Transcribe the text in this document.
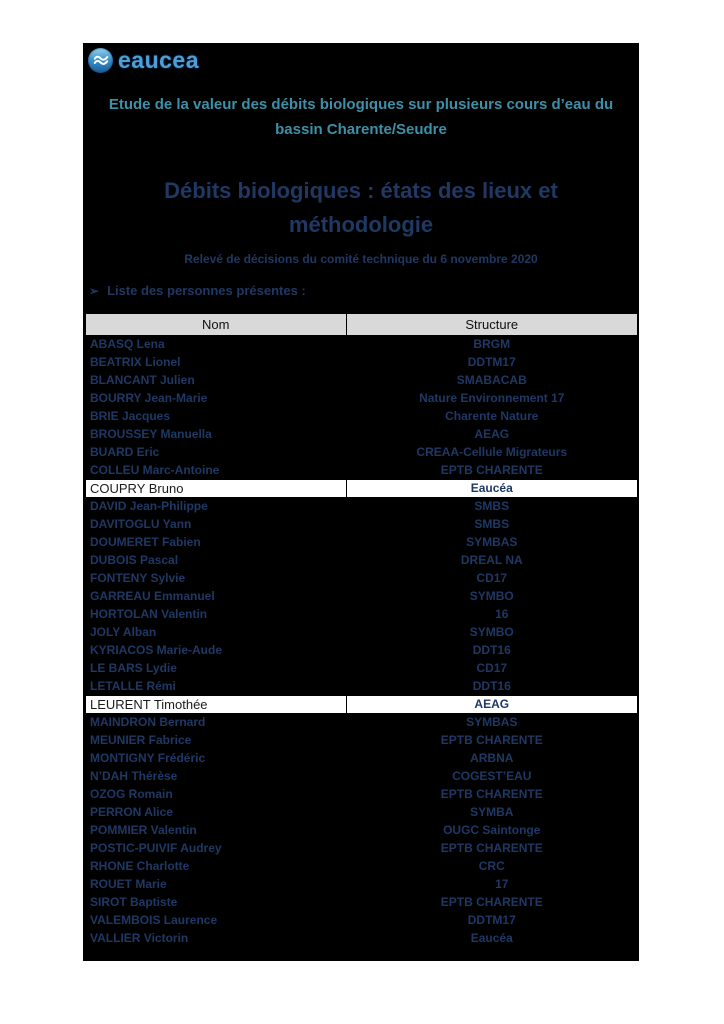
eaucea
Etude de la valeur des débits biologiques sur plusieurs cours d’eau du
bassin Charente/Seudre
Débits biologiques : états des lieux et
méthodologie
Relevé de décisions du comité technique du 6 novembre 2020
➢ Liste des personnes présentes :
Nom	Structure
ABASQ Lena	BRGM
BEATRIX Lionel	DDTM17
BLANCANT Julien	SMABACAB
BOURRY Jean-Marie	Nature Environnement 17
BRIE Jacques	Charente Nature
BROUSSEY Manuella	AEAG
BUARD Eric	CREAA-Cellule Migrateurs
COLLEU Marc-Antoine	EPTB CHARENTE
COUPRY Bruno	Eaucéa
DAVID Jean-Philippe	SMBS
DAVITOGLU Yann	SMBS
DOUMERET Fabien	SYMBAS
DUBOIS Pascal	DREAL NA
FONTENY Sylvie	CD17
GARREAU Emmanuel	SYMBO
HORTOLAN Valentin	16
JOLY Alban	SYMBO
KYRIACOS Marie-Aude	DDT16
LE BARS Lydie	CD17
LETALLE Rémi	DDT16
LEURENT Timothée	AEAG
MAINDRON Bernard	SYMBAS
MEUNIER Fabrice	EPTB CHARENTE
MONTIGNY Frédéric	ARBNA
N’DAH Thérèse	COGEST’EAU
OZOG Romain	EPTB CHARENTE
PERRON Alice	SYMBA
POMMIER Valentin	OUGC Saintonge
POSTIC-PUIVIF Audrey	EPTB CHARENTE
RHONE Charlotte	CRC
ROUET Marie	17
SIROT Baptiste	EPTB CHARENTE
VALEMBOIS Laurence	DDTM17
VALLIER Victorin	Eaucéa
